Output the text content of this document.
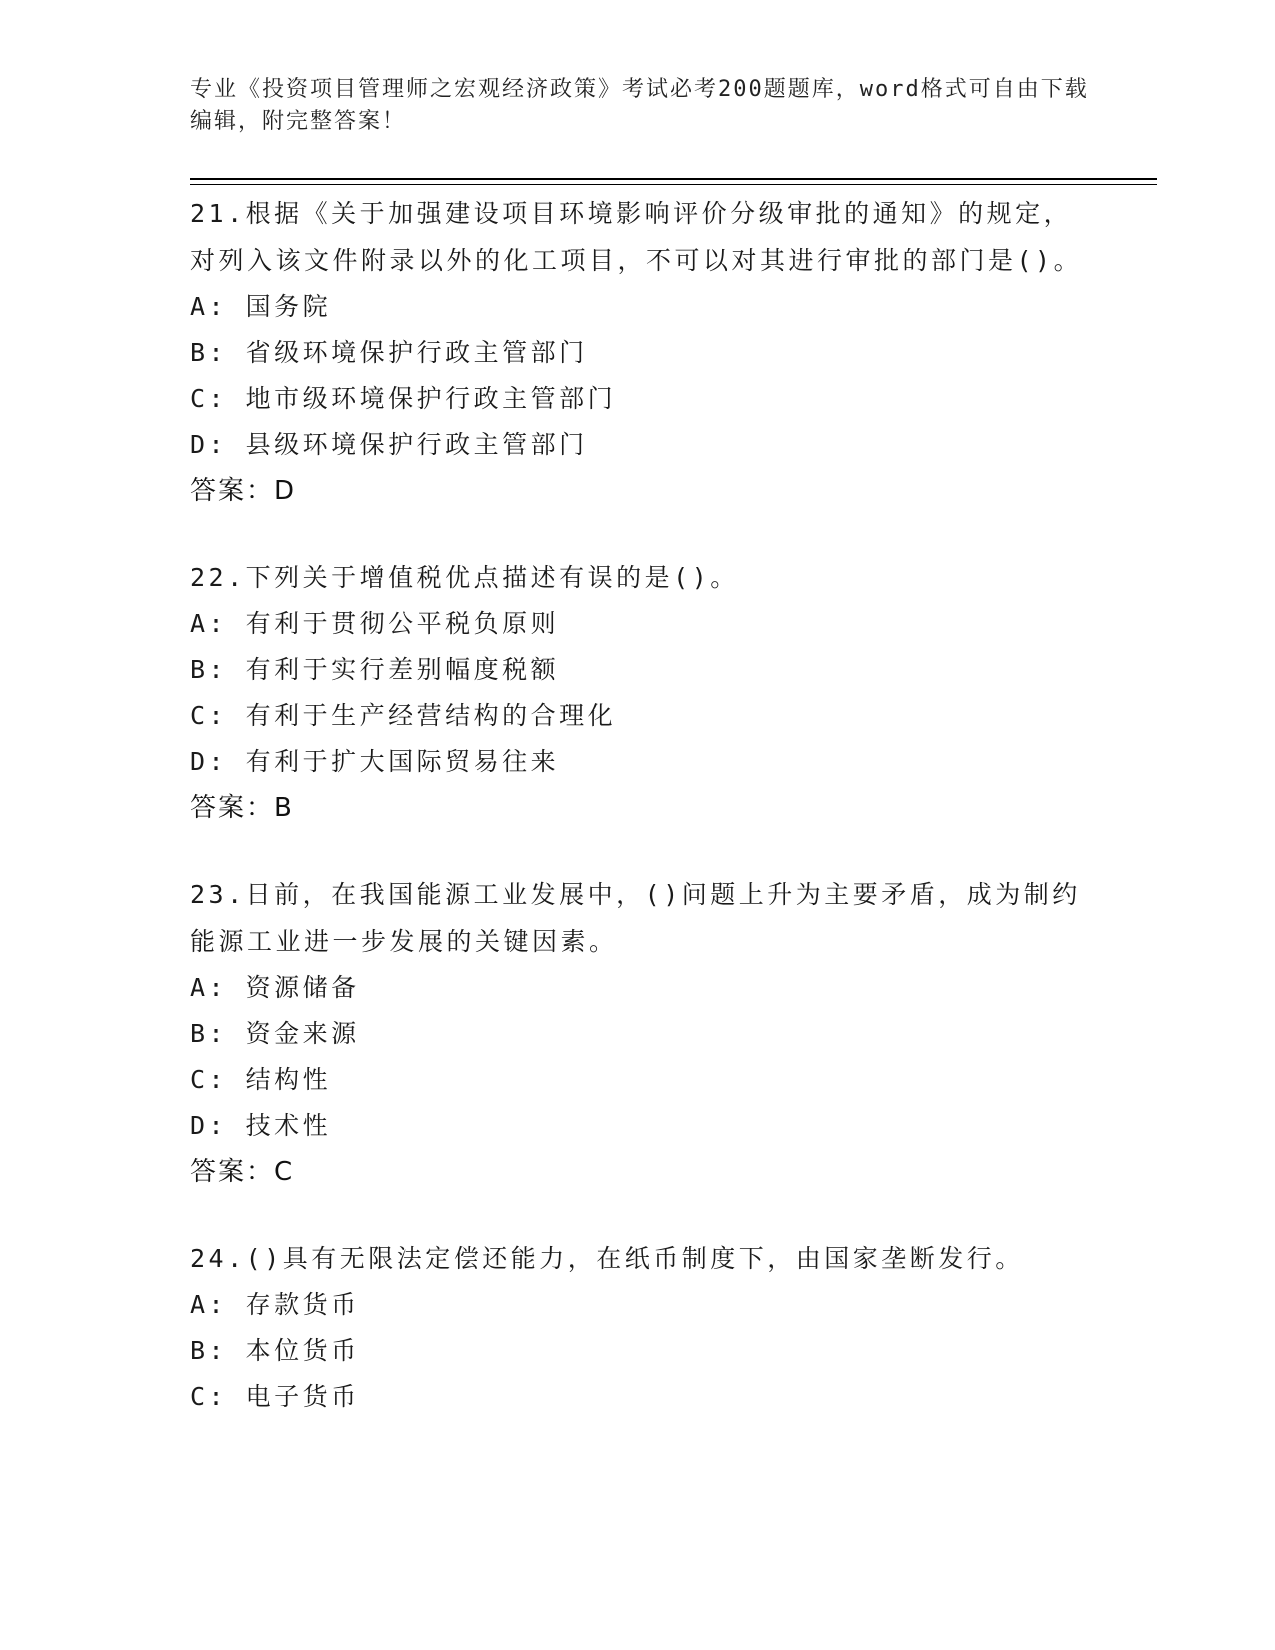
专业《投资项目管理师之宏观经济政策》考试必考200题题库，word格式可自由下载编辑，附完整答案！

21.根据《关于加强建设项目环境影响评价分级审批的通知》的规定，对列入该文件附录以外的化工项目，不可以对其进行审批的部门是()。

A: 国务院

B: 省级环境保护行政主管部门

C: 地市级环境保护行政主管部门

D: 县级环境保护行政主管部门

答案：D

22.下列关于增值税优点描述有误的是()。

A: 有利于贯彻公平税负原则

B: 有利于实行差别幅度税额

C: 有利于生产经营结构的合理化

D: 有利于扩大国际贸易往来

答案：B

23.日前，在我国能源工业发展中，()问题上升为主要矛盾，成为制约能源工业进一步发展的关键因素。

A: 资源储备

B: 资金来源

C: 结构性

D: 技术性

答案：C

24.()具有无限法定偿还能力，在纸币制度下，由国家垄断发行。

A: 存款货币

B: 本位货币

C: 电子货币
